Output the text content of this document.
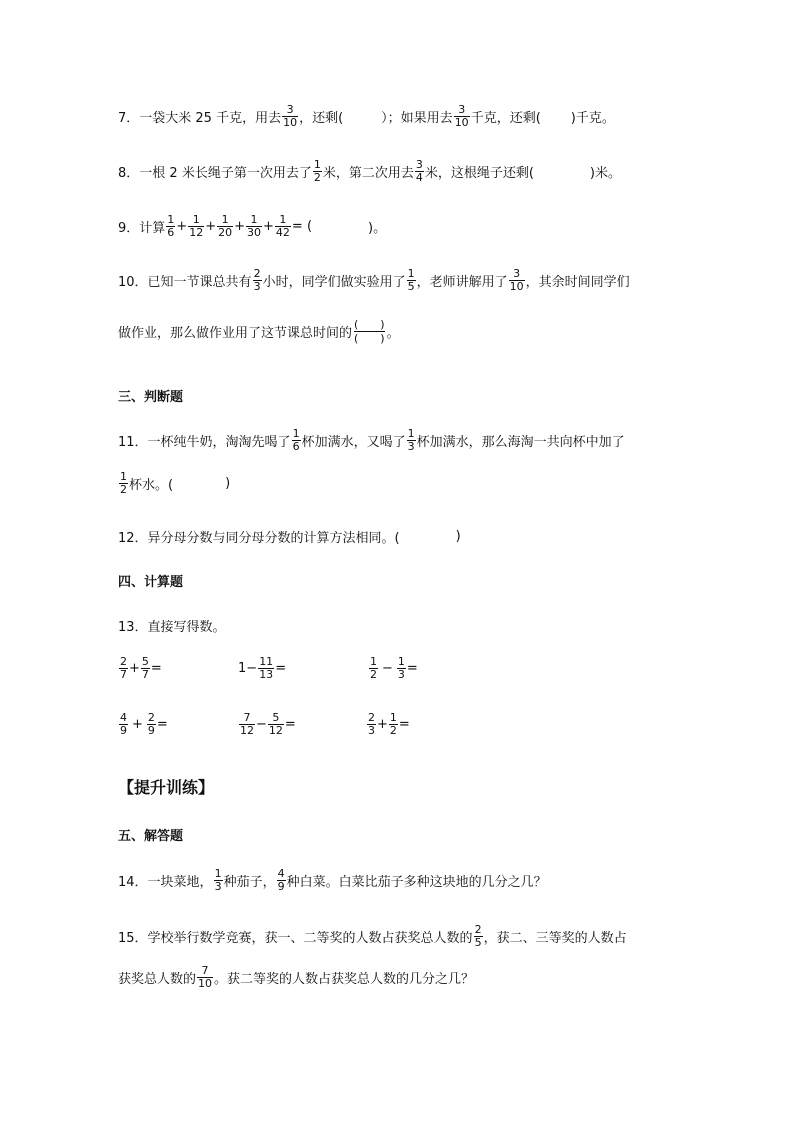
7． 一袋大米 25 千克，用去 $\frac{3}{10}$ ，还剩(	）；如果用去 $\frac{3}{10}$ 千克，还剩( )千克。
8． 一根 2 米长绳子第一次用去了 $\frac{1}{2}$ 米，第二次用去 $\frac{3}{4}$ 米，这根绳子还剩(	)米。
9． 计算 $\frac{1}{6} + \frac{1}{12} + \frac{1}{20} + \frac{1}{30} + \frac{1}{42}$ = (	)。
10． 已知一节课总共有 $\frac{2}{3}$ 小时，同学们做实验用了 $\frac{1}{5}$ ，老师讲解用了 $\frac{3}{10}$ ，其余时间同学们
做作业，那么做作业用了这节课总时间的 $\frac{( )}{( )}$ 。
三、判断题
11． 一杯纯牛奶，淘淘先喝了 $\frac{1}{6}$ 杯加满水，又喝了 $\frac{1}{3}$ 杯加满水，那么海淘一共向杯中加了
$\frac{1}{2}$ 杯水。(	)
12． 异分母分数与同分母分数的计算方法相同。(	)
四、计算题
13． 直接写得数。
$\frac{2}{7} + \frac{5}{7}$ =	$1 - \frac{11}{13}$ =	$\frac{1}{2} - \frac{1}{3}$ =
$\frac{4}{9} + \frac{2}{9}$ =	$\frac{7}{12} - \frac{5}{12}$ =	$\frac{2}{3} + \frac{1}{2}$ =
【提升训练】
五、解答题
14． 一块菜地， $\frac{1}{3}$ 种茄子， $\frac{4}{9}$ 种白菜。白菜比茄子多种这块地的几分之几？
15． 学校举行数学竞赛，获一、二等奖的人数占获奖总人数的 $\frac{2}{5}$ ，获二、三等奖的人数占
获奖总人数的 $\frac{7}{10}$ 。获二等奖的人数占获奖总人数的几分之几？
